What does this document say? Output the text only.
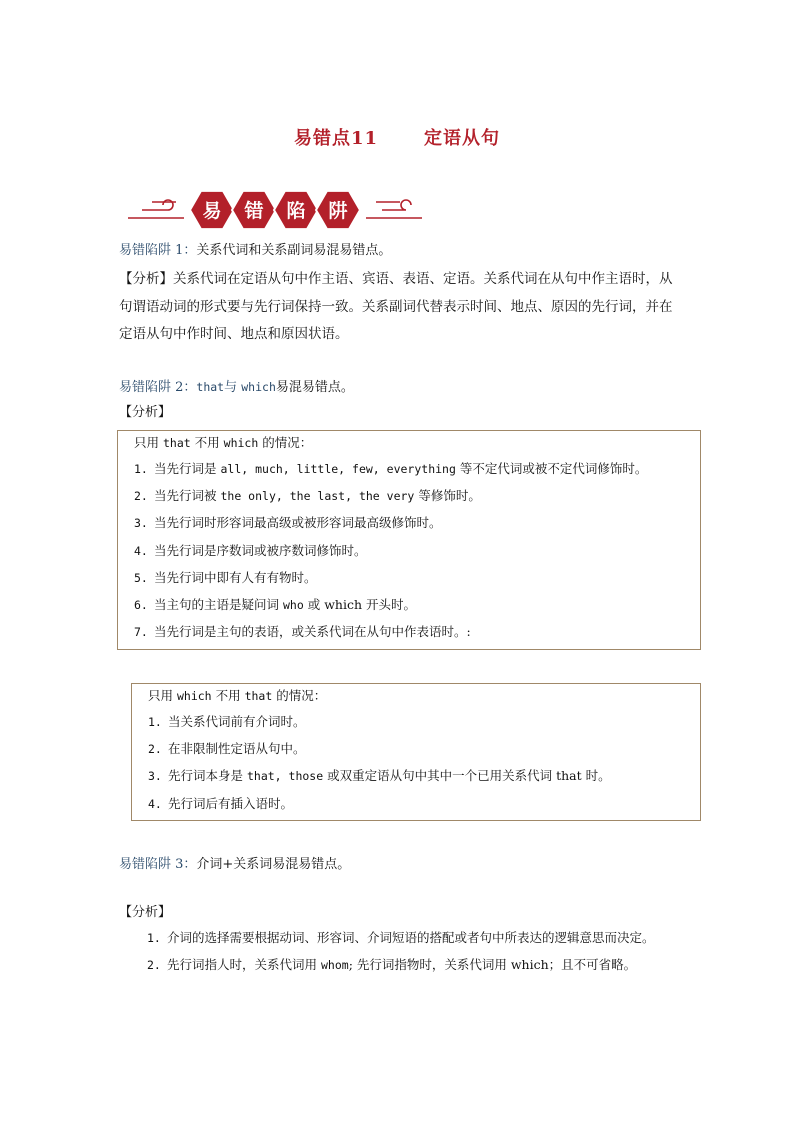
易错点11	定语从句
易 错 陷 阱
易错陷阱 1：关系代词和关系副词易混易错点。
【分析】关系代词在定语从句中作主语、宾语、表语、定语。关系代词在从句中作主语时，从
句谓语动词的形式要与先行词保持一致。关系副词代替表示时间、地点、原因的先行词，并在
定语从句中作时间、地点和原因状语。
易错陷阱 2：that与 which易混易错点。
【分析】
只用 that 不用 which 的情况：
1. 当先行词是 all, much, little, few, everything 等不定代词或被不定代词修饰时。
2. 当先行词被 the only, the last, the very 等修饰时。
3. 当先行词时形容词最高级或被形容词最高级修饰时。
4. 当先行词是序数词或被序数词修饰时。
5. 当先行词中即有人有有物时。
6. 当主句的主语是疑问词 who 或 which 开头时。
7. 当先行词是主句的表语，或关系代词在从句中作表语时。:
只用 which 不用 that 的情况：
1. 当关系代词前有介词时。
2. 在非限制性定语从句中。
3. 先行词本身是 that, those 或双重定语从句中其中一个已用关系代词 that 时。
4. 先行词后有插入语时。
易错陷阱 3：介词+关系词易混易错点。
【分析】
1. 介词的选择需要根据动词、形容词、介词短语的搭配或者句中所表达的逻辑意思而决定。
2. 先行词指人时，关系代词用 whom; 先行词指物时，关系代词用 which；且不可省略。
